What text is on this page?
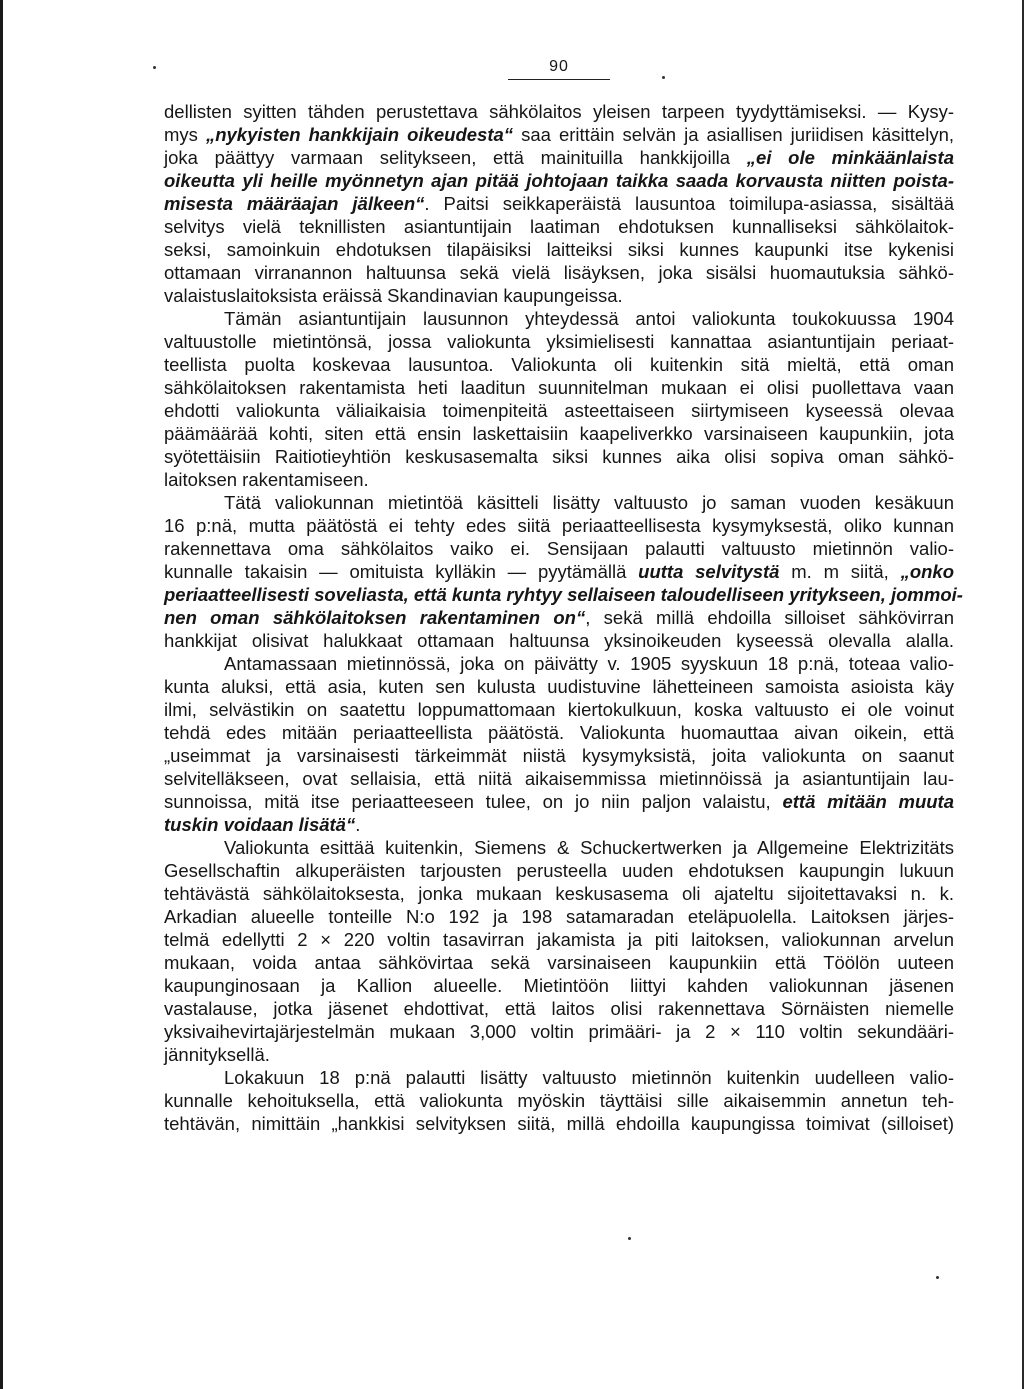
90
dellisten syitten tähden perustettava sähkölaitos yleisen tarpeen tyydyttämiseksi. — Kysy-
mys „nykyisten hankkijain oikeudesta“ saa erittäin selvän ja asiallisen juriidisen käsittelyn,
joka päättyy varmaan selitykseen, että mainituilla hankkijoilla „ei ole minkäänlaista
oikeutta yli heille myönnetyn ajan pitää johtojaan taikka saada korvausta niitten poista-
misesta määräajan jälkeen“. Paitsi seikkaperäistä lausuntoa toimilupa-asiassa, sisältää
selvitys vielä teknillisten asiantuntijain laatiman ehdotuksen kunnalliseksi sähkölaitok-
seksi, samoinkuin ehdotuksen tilapäisiksi laitteiksi siksi kunnes kaupunki itse kykenisi
ottamaan virranannon haltuunsa sekä vielä lisäyksen, joka sisälsi huomautuksia sähkö-
valaistuslaitoksista eräissä Skandinavian kaupungeissa.
Tämän asiantuntijain lausunnon yhteydessä antoi valiokunta toukokuussa 1904
valtuustolle mietintönsä, jossa valiokunta yksimielisesti kannattaa asiantuntijain periaat-
teellista puolta koskevaa lausuntoa. Valiokunta oli kuitenkin sitä mieltä, että oman
sähkölaitoksen rakentamista heti laaditun suunnitelman mukaan ei olisi puollettava vaan
ehdotti valiokunta väliaikaisia toimenpiteitä asteettaiseen siirtymiseen kyseessä olevaa
päämäärää kohti, siten että ensin laskettaisiin kaapeliverkko varsinaiseen kaupunkiin, jota
syötettäisiin Raitiotieyhtiön keskusasemalta siksi kunnes aika olisi sopiva oman sähkö-
laitoksen rakentamiseen.
Tätä valiokunnan mietintöä käsitteli lisätty valtuusto jo saman vuoden kesäkuun
16 p:nä, mutta päätöstä ei tehty edes siitä periaatteellisesta kysymyksestä, oliko kunnan
rakennettava oma sähkölaitos vaiko ei. Sensijaan palautti valtuusto mietinnön valio-
kunnalle takaisin — omituista kylläkin — pyytämällä uutta selvitystä m. m siitä, „onko
periaatteellisesti soveliasta, että kunta ryhtyy sellaiseen taloudelliseen yritykseen, jommoi-
nen oman sähkölaitoksen rakentaminen on“, sekä millä ehdoilla silloiset sähkövirran
hankkijat olisivat halukkaat ottamaan haltuunsa yksinoikeuden kyseessä olevalla alalla.
Antamassaan mietinnössä, joka on päivätty v. 1905 syyskuun 18 p:nä, toteaa valio-
kunta aluksi, että asia, kuten sen kulusta uudistuvine lähetteineen samoista asioista käy
ilmi, selvästikin on saatettu loppumattomaan kiertokulkuun, koska valtuusto ei ole voinut
tehdä edes mitään periaatteellista päätöstä. Valiokunta huomauttaa aivan oikein, että
„useimmat ja varsinaisesti tärkeimmät niistä kysymyksistä, joita valiokunta on saanut
selvitelläkseen, ovat sellaisia, että niitä aikaisemmissa mietinnöissä ja asiantuntijain lau-
sunnoissa, mitä itse periaatteeseen tulee, on jo niin paljon valaistu, että mitään muuta
tuskin voidaan lisätä“.
Valiokunta esittää kuitenkin, Siemens & Schuckertwerken ja Allgemeine Elektrizitäts
Gesellschaftin alkuperäisten tarjousten perusteella uuden ehdotuksen kaupungin lukuun
tehtävästä sähkölaitoksesta, jonka mukaan keskusasema oli ajateltu sijoitettavaksi n. k.
Arkadian alueelle tonteille N:o 192 ja 198 satamaradan eteläpuolella. Laitoksen järjes-
telmä edellytti 2 × 220 voltin tasavirran jakamista ja piti laitoksen, valiokunnan arvelun
mukaan, voida antaa sähkövirtaa sekä varsinaiseen kaupunkiin että Töölön uuteen
kaupunginosaan ja Kallion alueelle. Mietintöön liittyi kahden valiokunnan jäsenen
vastalause, jotka jäsenet ehdottivat, että laitos olisi rakennettava Sörnäisten niemelle
yksivaihevirtajärjestelmän mukaan 3,000 voltin primääri- ja 2 × 110 voltin sekundääri-
jännityksellä.
Lokakuun 18 p:nä palautti lisätty valtuusto mietinnön kuitenkin uudelleen valio-
kunnalle kehoituksella, että valiokunta myöskin täyttäisi sille aikaisemmin annetun teh-
tehtävän, nimittäin „hankkisi selvityksen siitä, millä ehdoilla kaupungissa toimivat (silloiset)
